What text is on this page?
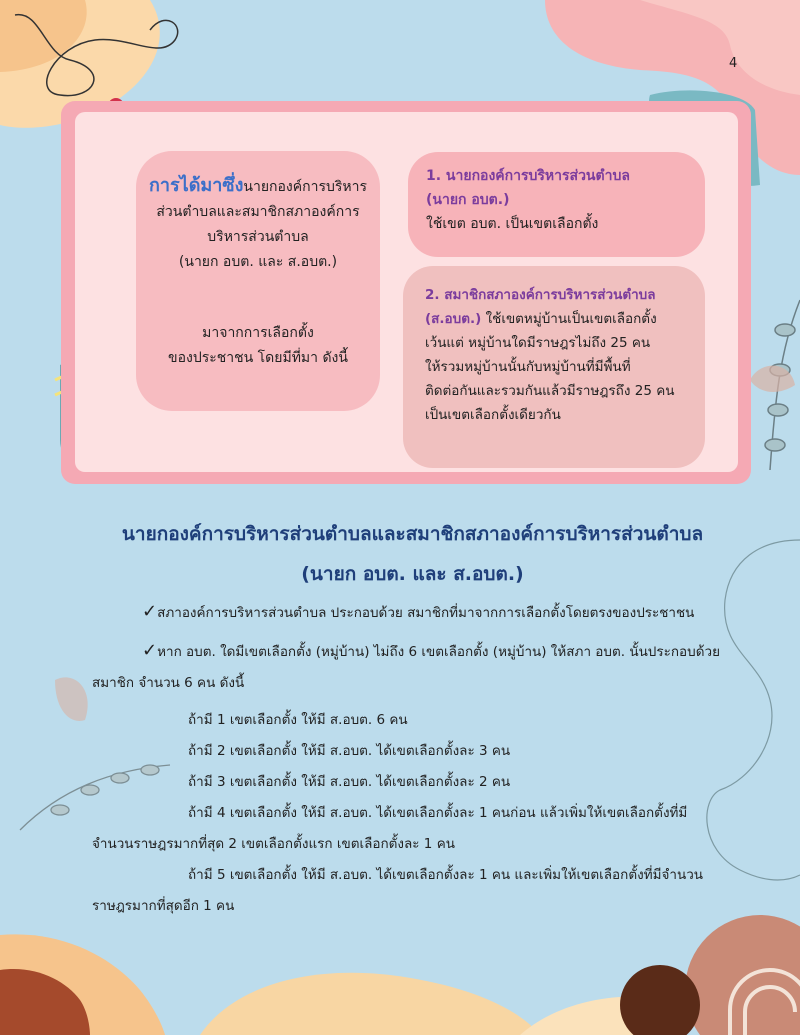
4
การได้มาซึ่งนายกองค์การบริหาร
ส่วนตำบลและสมาชิกสภาองค์การ
บริหารส่วนตำบล
(นายก อบต. และ ส.อบต.)
มาจากการเลือกตั้ง
ของประชาชน โดยมีที่มา ดังนี้
1. นายกองค์การบริหารส่วนตำบล
(นายก อบต.)
ใช้เขต อบต. เป็นเขตเลือกตั้ง
2. สมาชิกสภาองค์การบริหารส่วนตำบล
(ส.อบต.) ใช้เขตหมู่บ้านเป็นเขตเลือกตั้ง
เว้นแต่ หมู่บ้านใดมีราษฎรไม่ถึง 25 คน
ให้รวมหมู่บ้านนั้นกับหมู่บ้านที่มีพื้นที่
ติดต่อกันและรวมกันแล้วมีราษฎรถึง 25 คน
เป็นเขตเลือกตั้งเดียวกัน
นายกองค์การบริหารส่วนตำบลและสมาชิกสภาองค์การบริหารส่วนตำบล
(นายก อบต. และ ส.อบต.)

✓สภาองค์การบริหารส่วนตำบล ประกอบด้วย สมาชิกที่มาจากการเลือกตั้งโดยตรงของประชาชน

✓หาก อบต. ใดมีเขตเลือกตั้ง (หมู่บ้าน) ไม่ถึง 6 เขตเลือกตั้ง (หมู่บ้าน) ให้สภา อบต. นั้นประกอบด้วยสมาชิก จำนวน 6 คน ดังนี้

ถ้ามี 1 เขตเลือกตั้ง ให้มี ส.อบต. 6 คน

ถ้ามี 2 เขตเลือกตั้ง ให้มี ส.อบต. ได้เขตเลือกตั้งละ 3 คน

ถ้ามี 3 เขตเลือกตั้ง ให้มี ส.อบต. ได้เขตเลือกตั้งละ 2 คน

ถ้ามี 4 เขตเลือกตั้ง ให้มี ส.อบต. ได้เขตเลือกตั้งละ 1 คนก่อน แล้วเพิ่มให้เขตเลือกตั้งที่มีจำนวนราษฎรมากที่สุด 2 เขตเลือกตั้งแรก เขตเลือกตั้งละ 1 คน

ถ้ามี 5 เขตเลือกตั้ง ให้มี ส.อบต. ได้เขตเลือกตั้งละ 1 คน และเพิ่มให้เขตเลือกตั้งที่มีจำนวนราษฎรมากที่สุดอีก 1 คน
